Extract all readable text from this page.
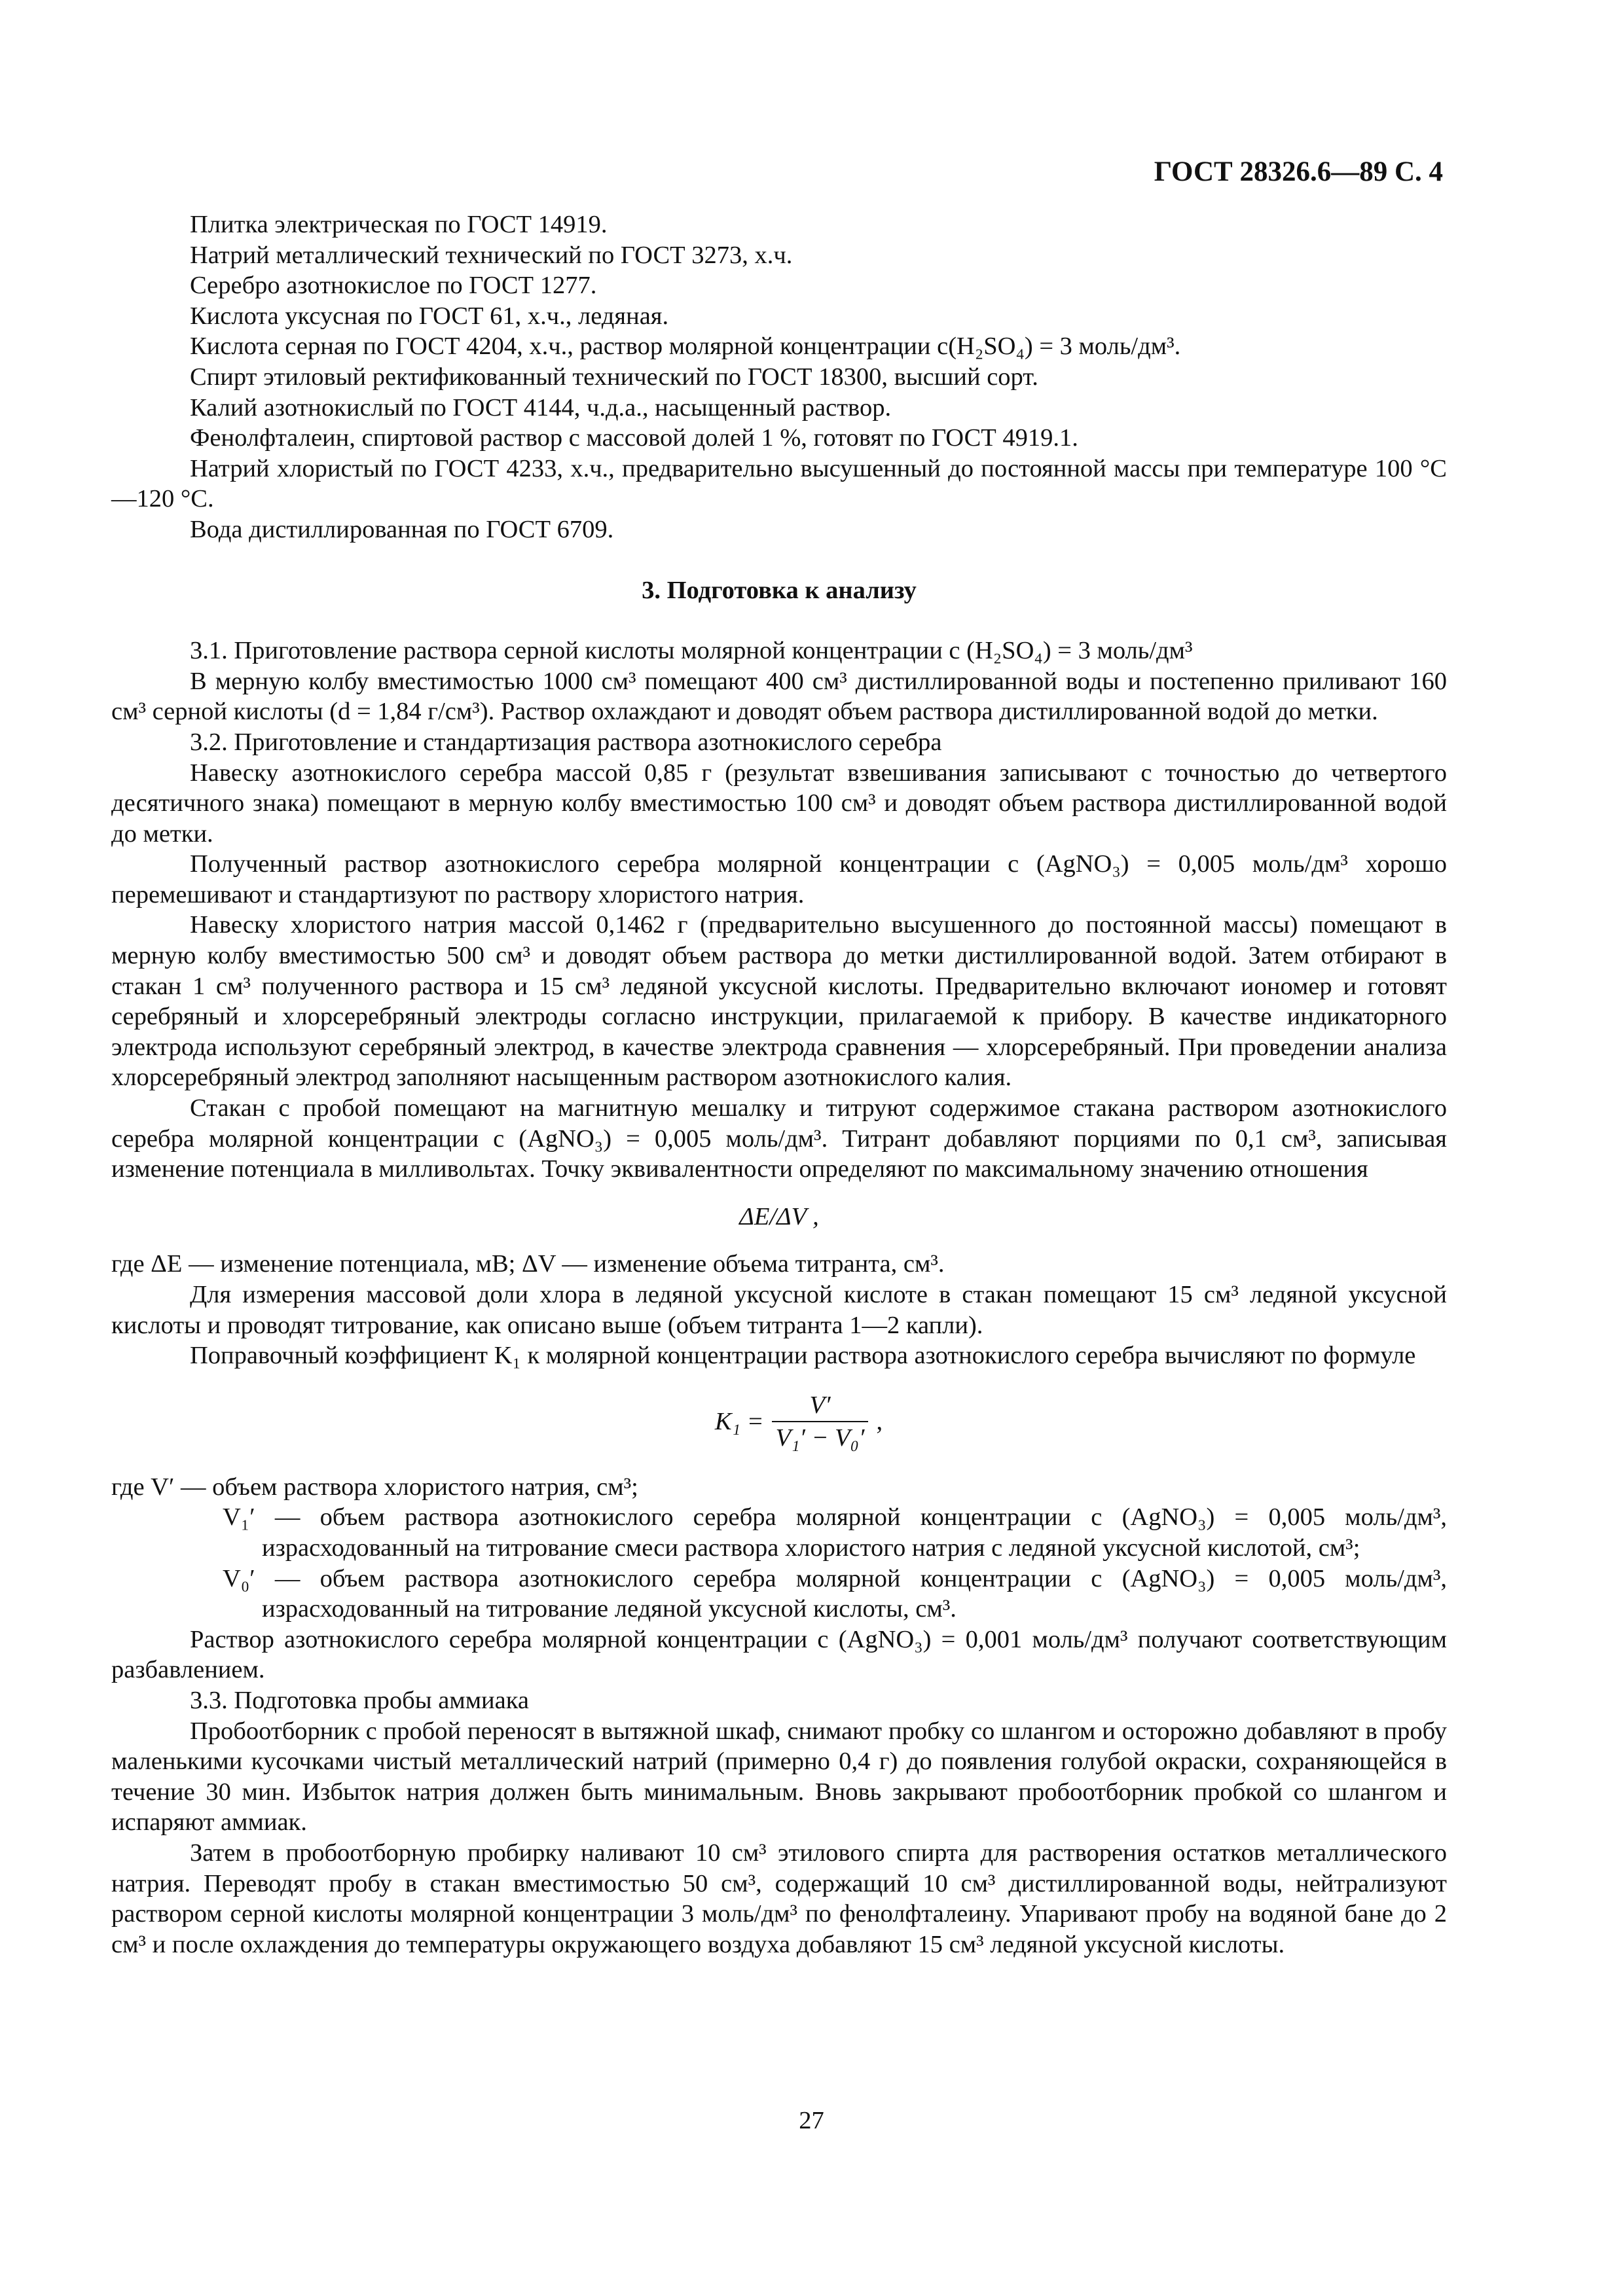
ГОСТ 28326.6—89 С. 4

Плитка электрическая по ГОСТ 14919.

Натрий металлический технический по ГОСТ 3273, х.ч.

Серебро азотнокислое по ГОСТ 1277.

Кислота уксусная по ГОСТ 61, х.ч., ледяная.

Кислота серная по ГОСТ 4204, х.ч., раствор молярной концентрации c(H₂SO₄) = 3 моль/дм³.

Спирт этиловый ректификованный технический по ГОСТ 18300, высший сорт.

Калий азотнокислый по ГОСТ 4144, ч.д.а., насыщенный раствор.

Фенолфталеин, спиртовой раствор с массовой долей 1 %, готовят по ГОСТ 4919.1.

Натрий хлористый по ГОСТ 4233, х.ч., предварительно высушенный до постоянной массы при температуре 100 °С—120 °С.

Вода дистиллированная по ГОСТ 6709.

3. Подготовка к анализу

3.1. Приготовление раствора серной кислоты молярной концентрации c (H₂SO₄) = 3 моль/дм³

В мерную колбу вместимостью 1000 см³ помещают 400 см³ дистиллированной воды и постепенно приливают 160 см³ серной кислоты (d = 1,84 г/см³). Раствор охлаждают и доводят объем раствора дистиллированной водой до метки.

3.2. Приготовление и стандартизация раствора азотнокислого серебра

Навеску азотнокислого серебра массой 0,85 г (результат взвешивания записывают с точностью до четвертого десятичного знака) помещают в мерную колбу вместимостью 100 см³ и доводят объем раствора дистиллированной водой до метки.

Полученный раствор азотнокислого серебра молярной концентрации c (AgNO₃) = 0,005 моль/дм³ хорошо перемешивают и стандартизуют по раствору хлористого натрия.

Навеску хлористого натрия массой 0,1462 г (предварительно высушенного до постоянной массы) помещают в мерную колбу вместимостью 500 см³ и доводят объем раствора до метки дистиллированной водой. Затем отбирают в стакан 1 см³ полученного раствора и 15 см³ ледяной уксусной кислоты. Предварительно включают иономер и готовят серебряный и хлорсеребряный электроды согласно инструкции, прилагаемой к прибору. В качестве индикаторного электрода используют серебряный электрод, в качестве электрода сравнения — хлорсеребряный. При проведении анализа хлорсеребряный электрод заполняют насыщенным раствором азотнокислого калия.

Стакан с пробой помещают на магнитную мешалку и титруют содержимое стакана раствором азотнокислого серебра молярной концентрации c (AgNO₃) = 0,005 моль/дм³. Титрант добавляют порциями по 0,1 см³, записывая изменение потенциала в милливольтах. Точку эквивалентности определяют по максимальному значению отношения

ΔE/ΔV ,

где ΔE — изменение потенциала, мВ; ΔV — изменение объема титранта, см³.

Для измерения массовой доли хлора в ледяной уксусной кислоте в стакан помещают 15 см³ ледяной уксусной кислоты и проводят титрование, как описано выше (объем титранта 1—2 капли).

Поправочный коэффициент K₁ к молярной концентрации раствора азотнокислого серебра вычисляют по формуле

$K_1 = \frac{V'}{\text{V₁′ − V₀′}}$ ,

где V′ — объем раствора хлористого натрия, см³;

V₁′ — объем раствора азотнокислого серебра молярной концентрации c (AgNO₃) = 0,005 моль/дм³, израсходованный на титрование смеси раствора хлористого натрия с ледяной уксусной кислотой, см³;

V₀′ — объем раствора азотнокислого серебра молярной концентрации c (AgNO₃) = 0,005 моль/дм³, израсходованный на титрование ледяной уксусной кислоты, см³.

Раствор азотнокислого серебра молярной концентрации c (AgNO₃) = 0,001 моль/дм³ получают соответствующим разбавлением.

3.3. Подготовка пробы аммиака

Пробоотборник с пробой переносят в вытяжной шкаф, снимают пробку со шлангом и осторожно добавляют в пробу маленькими кусочками чистый металлический натрий (примерно 0,4 г) до появления голубой окраски, сохраняющейся в течение 30 мин. Избыток натрия должен быть минимальным. Вновь закрывают пробоотборник пробкой со шлангом и испаряют аммиак.

Затем в пробоотборную пробирку наливают 10 см³ этилового спирта для растворения остатков металлического натрия. Переводят пробу в стакан вместимостью 50 см³, содержащий 10 см³ дистиллированной воды, нейтрализуют раствором серной кислоты молярной концентрации 3 моль/дм³ по фенолфталеину. Упаривают пробу на водяной бане до 2 см³ и после охлаждения до температуры окружающего воздуха добавляют 15 см³ ледяной уксусной кислоты.

27
